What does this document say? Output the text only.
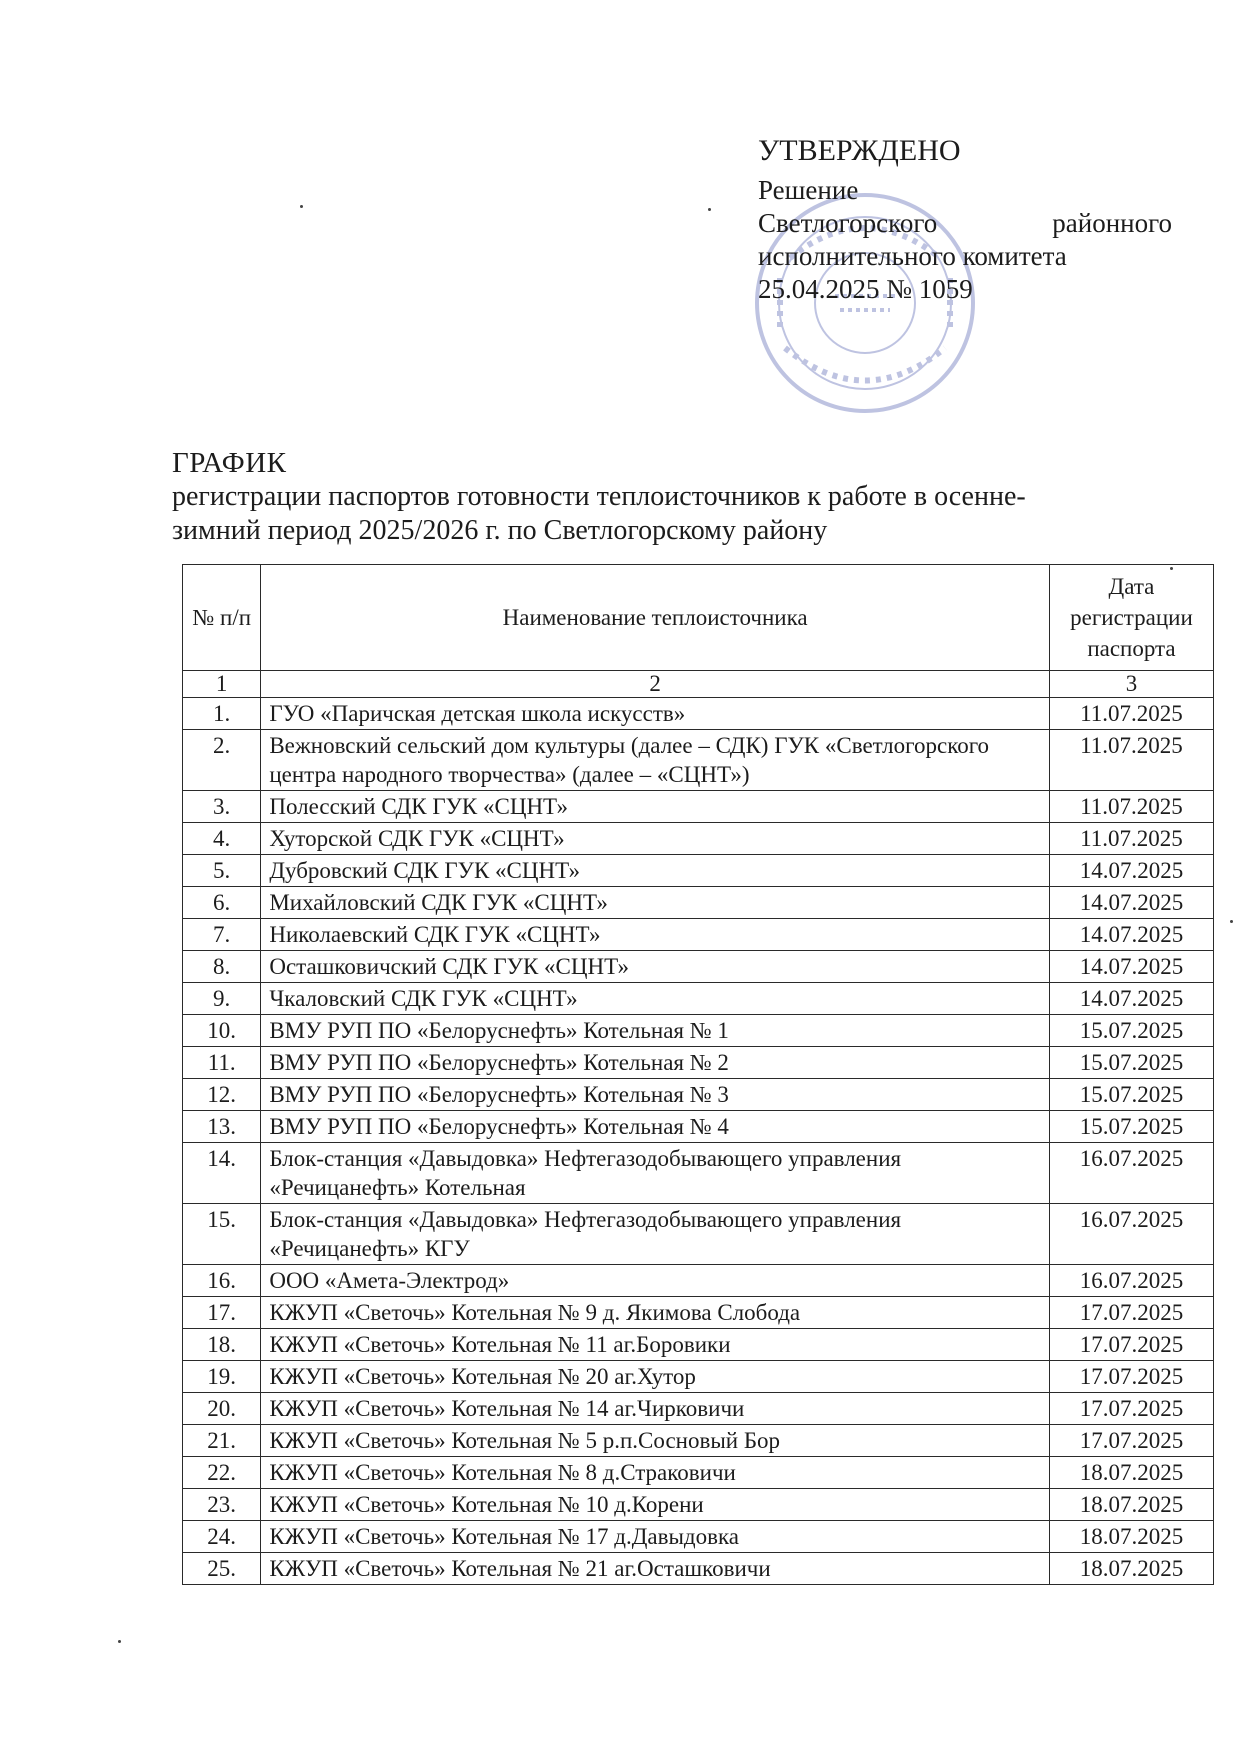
УТВЕРЖДЕНО
Решение
Светлогорского	районного
исполнительного комитета
25.04.2025 № 1059
ГРАФИК
регистрации паспортов готовности теплоисточников к работе в осенне-
зимний период 2025/2026 г. по Светлогорскому району
№ п/п	Наименование теплоисточника	Дата регистрации паспорта
1	2	3
1.	ГУО «Паричская детская школа искусств»	11.07.2025
2.	Вежновский сельский дом культуры (далее – СДК) ГУК «Светлогорского центра народного творчества» (далее – «СЦНТ»)	11.07.2025
3.	Полесский СДК ГУК «СЦНТ»	11.07.2025
4.	Хуторской СДК ГУК «СЦНТ»	11.07.2025
5.	Дубровский СДК ГУК «СЦНТ»	14.07.2025
6.	Михайловский СДК ГУК «СЦНТ»	14.07.2025
7.	Николаевский СДК ГУК «СЦНТ»	14.07.2025
8.	Осташковичский СДК ГУК «СЦНТ»	14.07.2025
9.	Чкаловский СДК ГУК «СЦНТ»	14.07.2025
10.	ВМУ РУП ПО «Белоруснефть» Котельная № 1	15.07.2025
11.	ВМУ РУП ПО «Белоруснефть» Котельная № 2	15.07.2025
12.	ВМУ РУП ПО «Белоруснефть» Котельная № 3	15.07.2025
13.	ВМУ РУП ПО «Белоруснефть» Котельная № 4	15.07.2025
14.	Блок-станция «Давыдовка» Нефтегазодобывающего управления «Речицанефть» Котельная	16.07.2025
15.	Блок-станция «Давыдовка» Нефтегазодобывающего управления «Речицанефть» КГУ	16.07.2025
16.	ООО «Амета-Электрод»	16.07.2025
17.	КЖУП «Светочь» Котельная № 9 д. Якимова Слобода	17.07.2025
18.	КЖУП «Светочь» Котельная № 11 аг.Боровики	17.07.2025
19.	КЖУП «Светочь» Котельная № 20 аг.Хутор	17.07.2025
20.	КЖУП «Светочь» Котельная № 14 аг.Чирковичи	17.07.2025
21.	КЖУП «Светочь» Котельная № 5 р.п.Сосновый Бор	17.07.2025
22.	КЖУП «Светочь» Котельная № 8 д.Страковичи	18.07.2025
23.	КЖУП «Светочь» Котельная № 10 д.Корени	18.07.2025
24.	КЖУП «Светочь» Котельная № 17 д.Давыдовка	18.07.2025
25.	КЖУП «Светочь» Котельная № 21 аг.Осташковичи	18.07.2025
